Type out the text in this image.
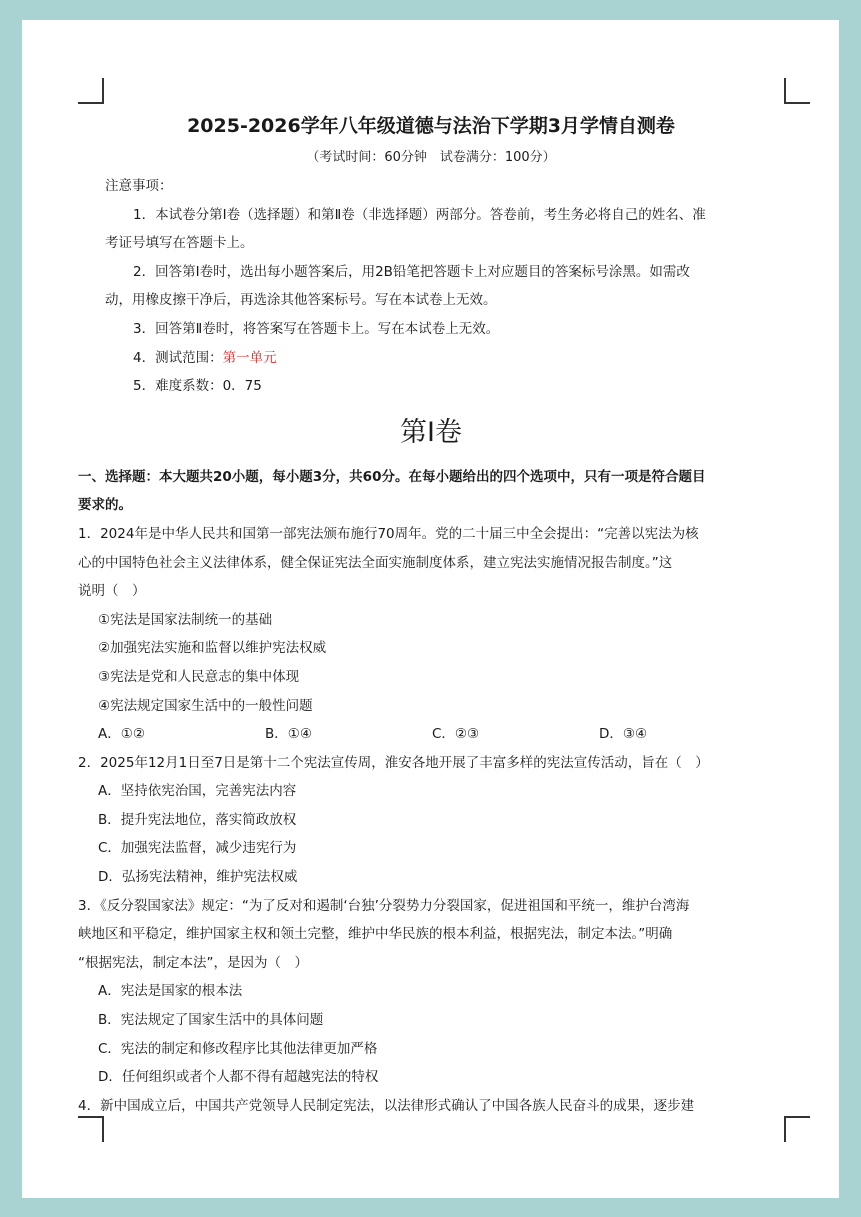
2025-2026学年八年级道德与法治下学期3月学情自测卷
（考试时间：60分钟　试卷满分：100分）
注意事项：
1．本试卷分第Ⅰ卷（选择题）和第Ⅱ卷（非选择题）两部分。答卷前，考生务必将自己的姓名、准
考证号填写在答题卡上。
2．回答第Ⅰ卷时，选出每小题答案后，用2B铅笔把答题卡上对应题目的答案标号涂黑。如需改
动，用橡皮擦干净后，再选涂其他答案标号。写在本试卷上无效。
3．回答第Ⅱ卷时，将答案写在答题卡上。写在本试卷上无效。
4．测试范围：第一单元
5．难度系数：0．75
第Ⅰ卷
一、选择题：本大题共20小题，每小题3分，共60分。在每小题给出的四个选项中，只有一项是符合题目
要求的。
1．2024年是中华人民共和国第一部宪法颁布施行70周年。党的二十届三中全会提出：“完善以宪法为核
心的中国特色社会主义法律体系，健全保证宪法全面实施制度体系，建立宪法实施情况报告制度。”这
说明（　）
①宪法是国家法制统一的基础
②加强宪法实施和监督以维护宪法权威
③宪法是党和人民意志的集中体现
④宪法规定国家生活中的一般性问题
A．①②	B．①④	C．②③	D．③④
2．2025年12月1日至7日是第十二个宪法宣传周，淮安各地开展了丰富多样的宪法宣传活动，旨在（　）
A．坚持依宪治国，完善宪法内容
B．提升宪法地位，落实简政放权
C．加强宪法监督，减少违宪行为
D．弘扬宪法精神，维护宪法权威
3．《反分裂国家法》规定：“为了反对和遏制‘台独’分裂势力分裂国家，促进祖国和平统一，维护台湾海
峡地区和平稳定，维护国家主权和领土完整，维护中华民族的根本利益，根据宪法，制定本法。”明确
“根据宪法，制定本法”，是因为（　）
A．宪法是国家的根本法
B．宪法规定了国家生活中的具体问题
C．宪法的制定和修改程序比其他法律更加严格
D．任何组织或者个人都不得有超越宪法的特权
4．新中国成立后，中国共产党领导人民制定宪法，以法律形式确认了中国各族人民奋斗的成果，逐步建
